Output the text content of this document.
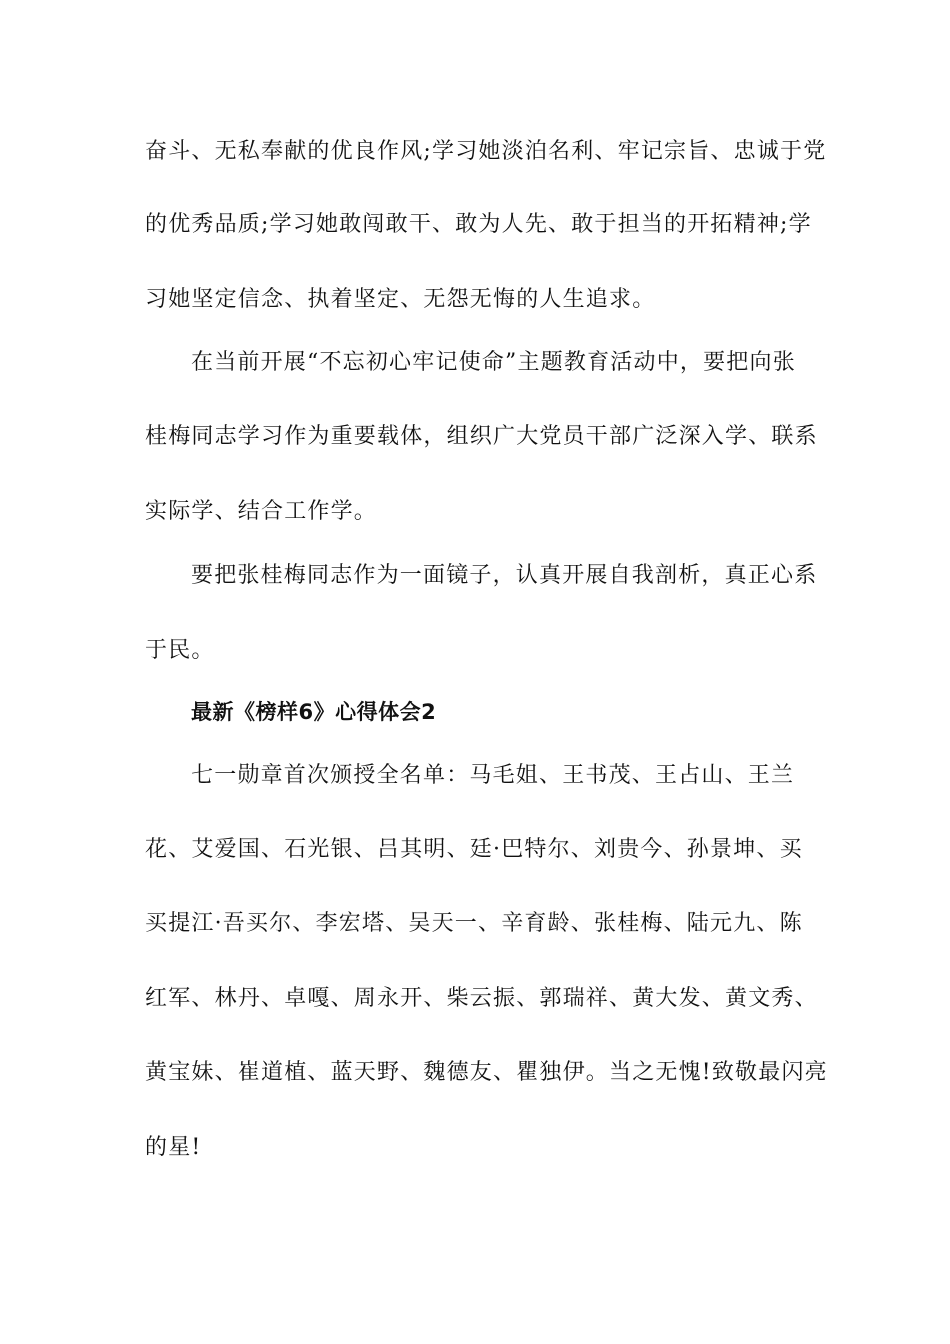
奋斗、无私奉献的优良作风;学习她淡泊名利、牢记宗旨、忠诚于党

的优秀品质;学习她敢闯敢干、敢为人先、敢于担当的开拓精神;学

习她坚定信念、执着坚定、无怨无悔的人生追求。

在当前开展“不忘初心牢记使命”主题教育活动中，要把向张

桂梅同志学习作为重要载体，组织广大党员干部广泛深入学、联系

实际学、结合工作学。

要把张桂梅同志作为一面镜子，认真开展自我剖析，真正心系

于民。

最新《榜样6》心得体会2

七一勋章首次颁授全名单：马毛姐、王书茂、王占山、王兰

花、艾爱国、石光银、吕其明、廷·巴特尔、刘贵今、孙景坤、买

买提江·吾买尔、李宏塔、吴天一、辛育龄、张桂梅、陆元九、陈

红军、林丹、卓嘎、周永开、柴云振、郭瑞祥、黄大发、黄文秀、

黄宝妹、崔道植、蓝天野、魏德友、瞿独伊。当之无愧!致敬最闪亮

的星!
